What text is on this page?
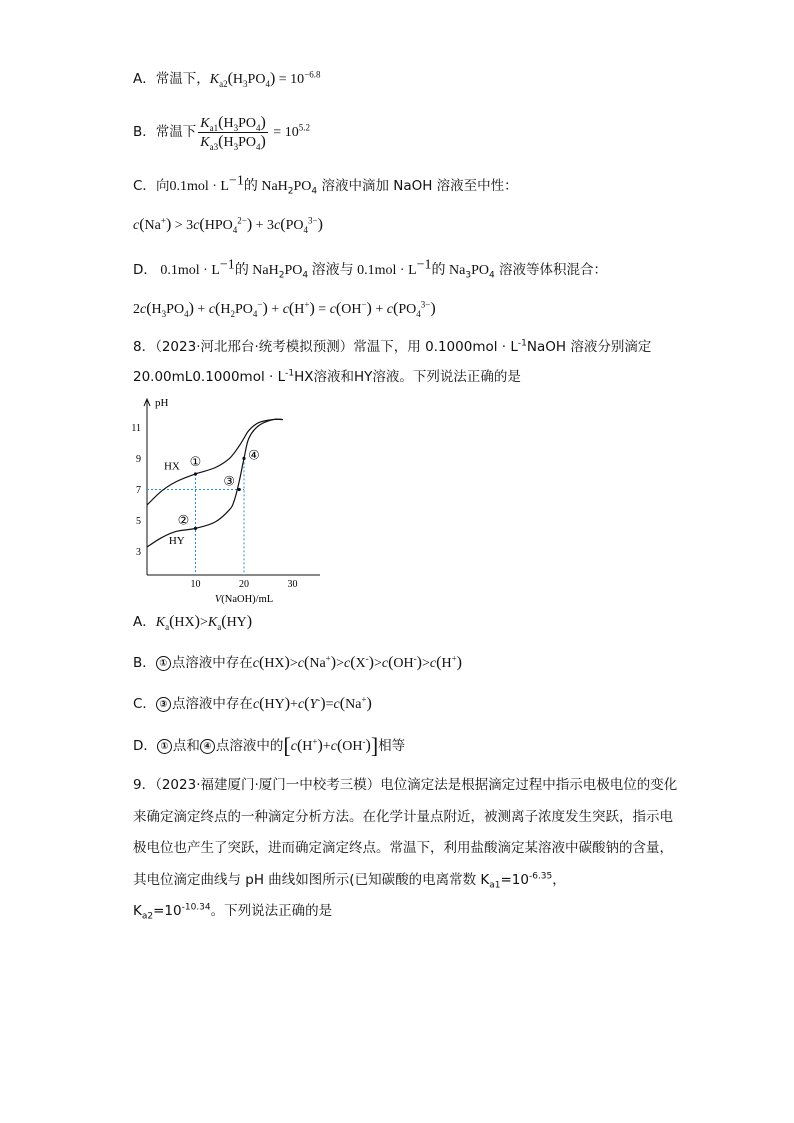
A．常温下，$K_{a2}(H_3PO_4) = 10^{-6.8}$
B．常温下 $\frac{K_{a1}(H_3PO_4)}{K_{a3}(H_3PO_4)} = 10^{5.2}$
C．向$0.1mol \cdot L^{-1}$的 $NaH_2PO_4$ 溶液中滴加 NaOH 溶液至中性：
$c(Na^+) > 3c(HPO_4^{2-}) + 3c(PO_4^{3-})$
D． $0.1mol \cdot L^{-1}$的 $NaH_2PO_4$ 溶液与 $0.1mol \cdot L^{-1}$的 $Na_3PO_4$ 溶液等体积混合：
$2c(H_3PO_4) + c(H_2PO_4^-) + c(H^+) = c(OH^-) + c(PO_4^{3-})$
8．（2023·河北邢台·统考模拟预测）常温下，用 $0.1000mol \cdot L^{-1}NaOH$ 溶液分别滴定
$20.00mL0.1000mol \cdot L^{-1}HX$溶液和HY溶液。下列说法正确的是
pH
3
5
7
9
11
10	20	30
V(NaOH)/mL
①
②
③
④
HX
HY
A．$K_a(HX)>K_a(HY)$
B． ① 点溶液中存在c(HX)>c(Na+)>c(X-)>c(OH-)>c(H+)
C． ③ 点溶液中存在c(HY)+c(Y-)=c(Na+)
D． ① 点和 ④ 点溶液中的[c(H+)+c(OH-)]相等
9．（2023·福建厦门·厦门一中校考三模）电位滴定法是根据滴定过程中指示电极电位的变化来确定滴定终点的一种滴定分析方法。在化学计量点附近，被测离子浓度发生突跃，指示电极电位也产生了突跃，进而确定滴定终点。常温下，利用盐酸滴定某溶液中碳酸钠的含量，其电位滴定曲线与 pH 曲线如图所示(已知碳酸的电离常数 $K_{a1}=10^{-6.35}$，
$K_{a2}=10^{-10.34}$。下列说法正确的是
